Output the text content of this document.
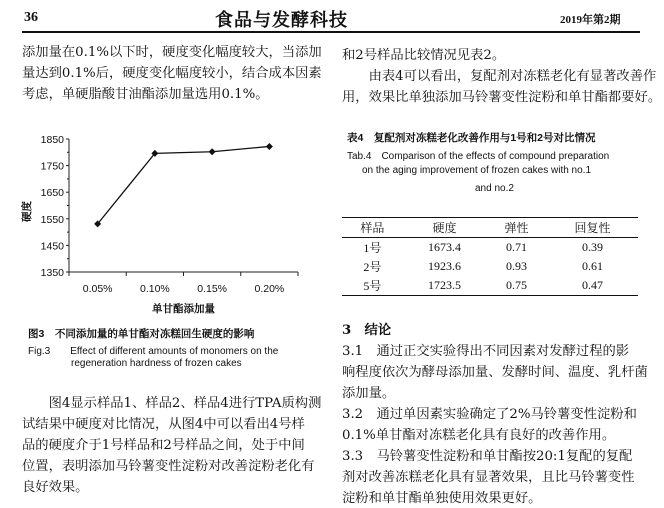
36	食品与发酵科技	2019年第2期
添加量在0.1%以下时，硬度变化幅度较大，当添加
量达到0.1%后，硬度变化幅度较小，结合成本因素
考虑，单硬脂酸甘油酯添加量选用0.1%。
1350
1450
1550
1650
1750
1850
0.05%	0.10%	0.15%	0.20%
单甘酯添加量
硬度
图3　不同添加量的单甘酯对冻糕回生硬度的影响
Fig.3　　Effect of different amounts of monomers on the
regeneration hardness of frozen cakes
　　图4显示样品1、样品2、样品4进行TPA质构测
试结果中硬度对比情况，从图4中可以看出4号样
品的硬度介于1号样品和2号样品之间，处于中间
位置，表明添加马铃薯变性淀粉对改善淀粉老化有
良好效果。
和2号样品比较情况见表2。
　　由表4可以看出，复配剂对冻糕老化有显著改善作
用，效果比单独添加马铃薯变性淀粉和单甘酯都要好。
表4　复配剂对冻糕老化改善作用与1号和2号对比情况
Tab.4　Comparison of the effects of compound preparation
on the aging improvement of frozen cakes with no.1
and no.2
样品	硬度	弹性	回复性
1号	1673.4	0.71	0.39
2号	1923.6	0.93	0.61
5号	1723.5	0.75	0.47
3　结论
3.1　通过正交实验得出不同因素对发酵过程的影
响程度依次为酵母添加量、发酵时间、温度、乳杆菌
添加量。
3.2　通过单因素实验确定了2%马铃薯变性淀粉和
0.1%单甘酯对冻糕老化具有良好的改善作用。
3.3　马铃薯变性淀粉和单甘酯按20:1复配的复配
剂对改善冻糕老化具有显著效果，且比马铃薯变性
淀粉和单甘酯单独使用效果更好。
